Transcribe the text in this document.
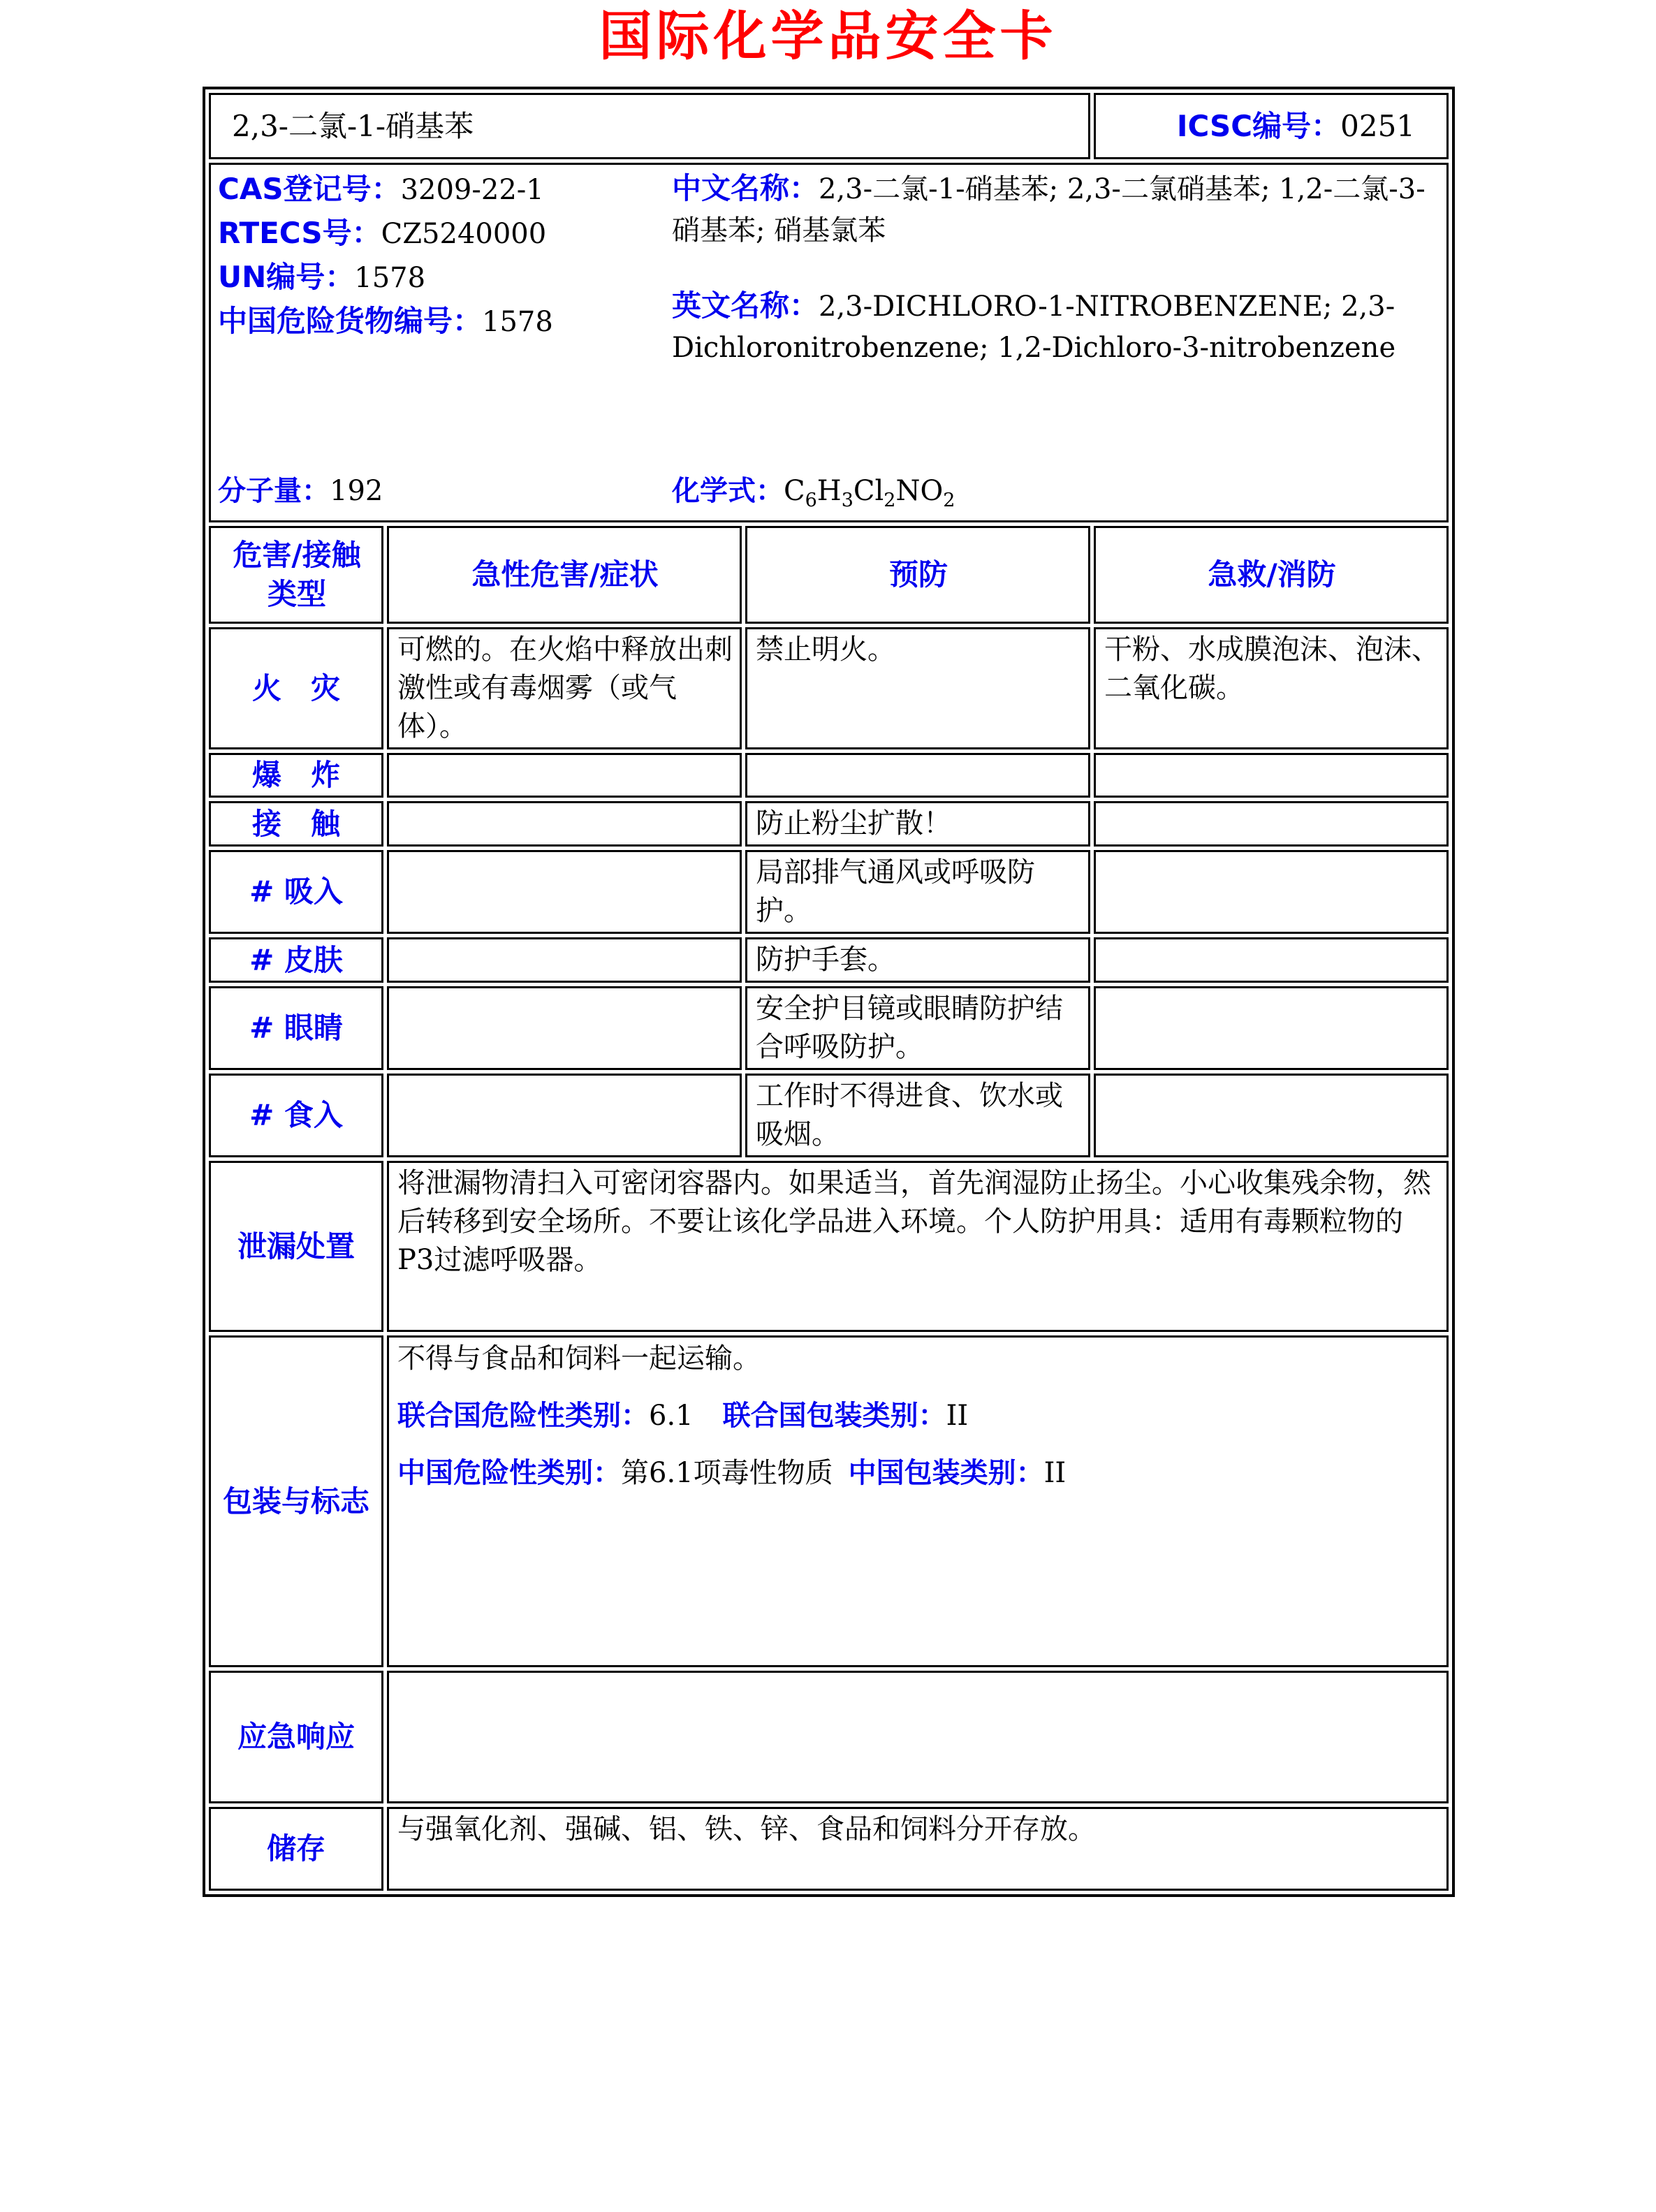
国际化学品安全卡
2,3-二氯-1-硝基苯			ICSC编号：0251

CAS登记号：3209-22-1
RTECS号：CZ5240000
UN编号：1578
中国危险货物编号：1578
分子量：192

中文名称：2,3-二氯-1-硝基苯; 2,3-二氯硝基苯; 1,2-二氯-3-硝基苯; 硝基氯苯

英文名称：2,3-DICHLORO-1-NITROBENZENE; 2,3-Dichloronitrobenzene; 1,2-Dichloro-3-nitrobenzene

化学式：$C_6H_3Cl_2NO_2$

危害/接触
类型	急性危害/症状	预防	急救/消防
火　灾	可燃的。在火焰中释放出刺激性或有毒烟雾（或气体）。	禁止明火。	干粉、水成膜泡沫、泡沫、二氧化碳。
爆　炸			
接　触		防止粉尘扩散！	
# 吸入		局部排气通风或呼吸防护。	
# 皮肤		防护手套。	
# 眼睛		安全护目镜或眼睛防护结合呼吸防护。	
# 食入		工作时不得进食、饮水或吸烟。	
泄漏处置	将泄漏物清扫入可密闭容器内。如果适当，首先润湿防止扬尘。小心收集残余物，然后转移到安全场所。不要让该化学品进入环境。个人防护用具：适用有毒颗粒物的P3过滤呼吸器。		
包装与标志	不得与食品和饲料一起运输。

联合国危险性类别：6.1 联合国包装类别：II

中国危险性类别：第6.1项毒性物质 中国包装类别：II		

应急响应			
储存	与强氧化剂、强碱、铝、铁、锌、食品和饲料分开存放。		
